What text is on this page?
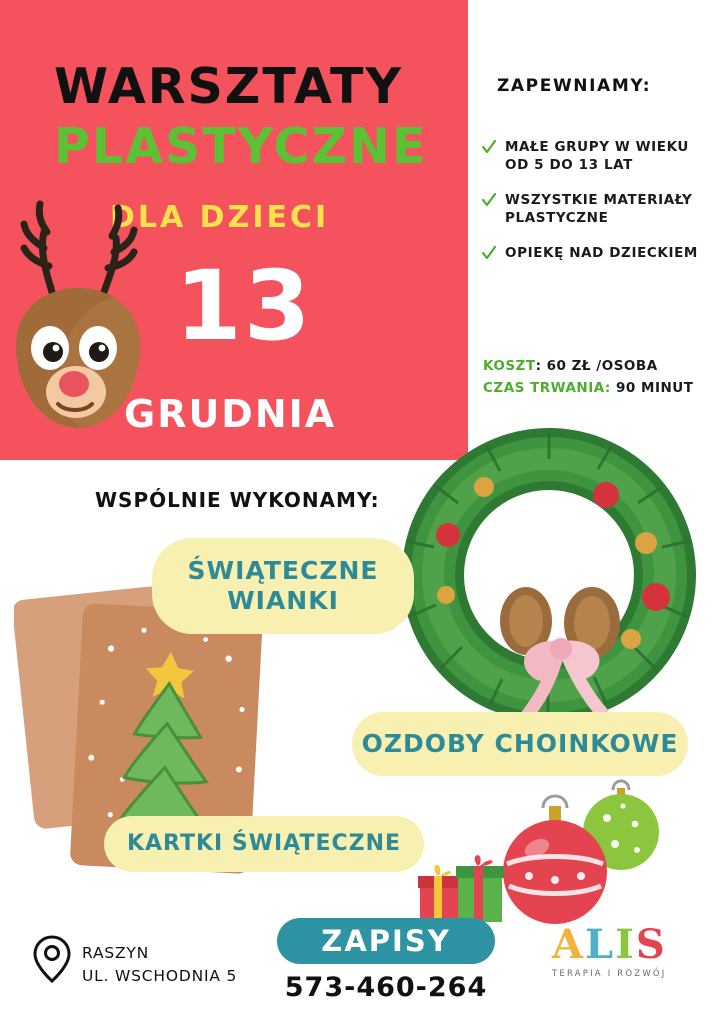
WARSZTATY
PLASTYCZNE
DLA DZIECI
13
GRUDNIA
ZAPEWNIAMY:
MAŁE GRUPY W WIEKU OD 5 DO 13 LAT
WSZYSTKIE MATERIAŁY PLASTYCZNE
OPIEKĘ NAD DZIECKIEM
KOSZT: 60 ZŁ /OSOBA
CZAS TRWANIA: 90 MINUT
WSPÓLNIE WYKONAMY:
ŚWIĄTECZNE WIANKI
OZDOBY CHOINKOWE
KARTKI ŚWIĄTECZNE
RASZYN
UL. WSCHODNIA 5
ZAPISY
573-460-264
ALIS
TERAPIA I ROZWÓJ
